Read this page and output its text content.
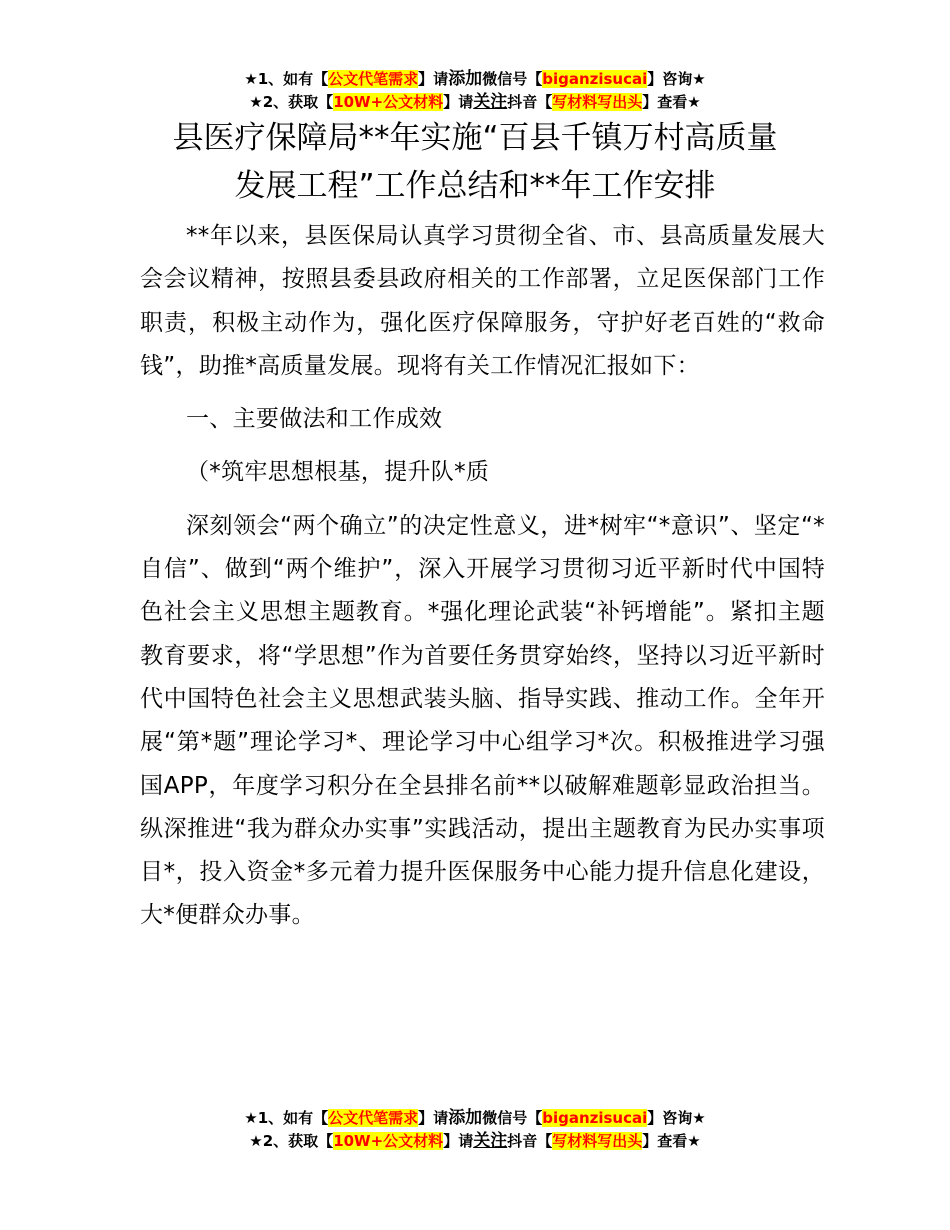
★1、如有【公文代笔需求】请添加微信号【biganzisucai】咨询★
★2、获取【10W+公文材料】请关注抖音【写材料写出头】查看★
县医疗保障局**年实施“百县千镇万村高质量
发展工程”工作总结和**年工作安排

**年以来，县医保局认真学习贯彻全省、市、县高质量发展大会会议精神，按照县委县政府相关的工作部署，立足医保部门工作职责，积极主动作为，强化医疗保障服务，守护好老百姓的“救命钱”，助推*高质量发展。现将有关工作情况汇报如下：

一、主要做法和工作成效

（*筑牢思想根基，提升队*质

深刻领会“两个确立”的决定性意义，进*树牢“*意识”、坚定“*自信”、做到“两个维护”，深入开展学习贯彻习近平新时代中国特色社会主义思想主题教育。*强化理论武装“补钙增能”。紧扣主题教育要求，将“学思想”作为首要任务贯穿始终，坚持以习近平新时代中国特色社会主义思想武装头脑、指导实践、推动工作。全年开展“第*题”理论学习*、理论学习中心组学习*次。积极推进学习强国APP，年度学习积分在全县排名前**以破解难题彰显政治担当。纵深推进“我为群众办实事”实践活动，提出主题教育为民办实事项目*，投入资金*多元着力提升医保服务中心能力提升信息化建设，大*便群众办事。

★1、如有【公文代笔需求】请添加微信号【biganzisucai】咨询★
★2、获取【10W+公文材料】请关注抖音【写材料写出头】查看★
